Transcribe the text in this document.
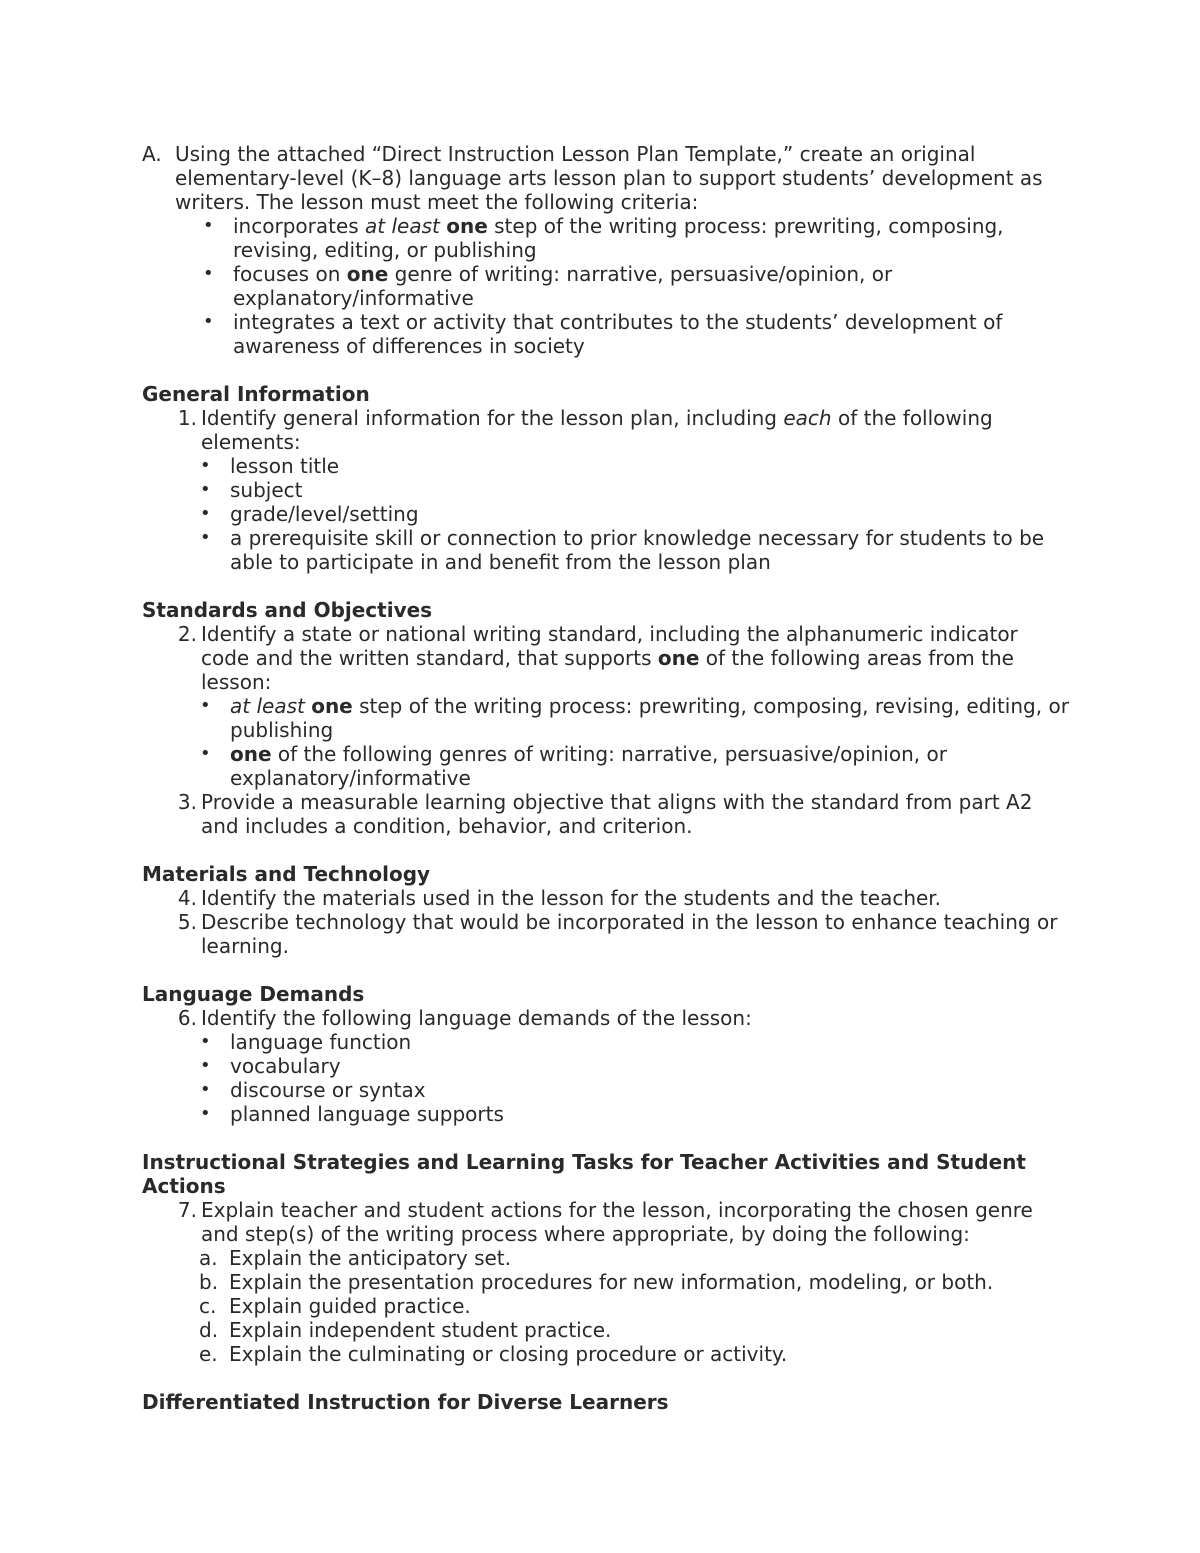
A. Using the attached “Direct Instruction Lesson Plan Template,” create an original elementary-level (K–8) language arts lesson plan to support students’ development as writers. The lesson must meet the following criteria:
• incorporates at least one step of the writing process: prewriting, composing, revising, editing, or publishing
• focuses on one genre of writing: narrative, persuasive/opinion, or explanatory/informative
• integrates a text or activity that contributes to the students’ development of awareness of differences in society
General Information
1. Identify general information for the lesson plan, including each of the following elements:
• lesson title
• subject
• grade/level/setting
• a prerequisite skill or connection to prior knowledge necessary for students to be able to participate in and benefit from the lesson plan
Standards and Objectives
2. Identify a state or national writing standard, including the alphanumeric indicator code and the written standard, that supports one of the following areas from the lesson:
• at least one step of the writing process: prewriting, composing, revising, editing, or publishing
• one of the following genres of writing: narrative, persuasive/opinion, or explanatory/informative
3. Provide a measurable learning objective that aligns with the standard from part A2 and includes a condition, behavior, and criterion.
Materials and Technology
4. Identify the materials used in the lesson for the students and the teacher.
5. Describe technology that would be incorporated in the lesson to enhance teaching or learning.
Language Demands
6. Identify the following language demands of the lesson:
• language function
• vocabulary
• discourse or syntax
• planned language supports
Instructional Strategies and Learning Tasks for Teacher Activities and Student Actions
7. Explain teacher and student actions for the lesson, incorporating the chosen genre and step(s) of the writing process where appropriate, by doing the following:
a. Explain the anticipatory set.
b. Explain the presentation procedures for new information, modeling, or both.
c. Explain guided practice.
d. Explain independent student practice.
e. Explain the culminating or closing procedure or activity.
Differentiated Instruction for Diverse Learners
